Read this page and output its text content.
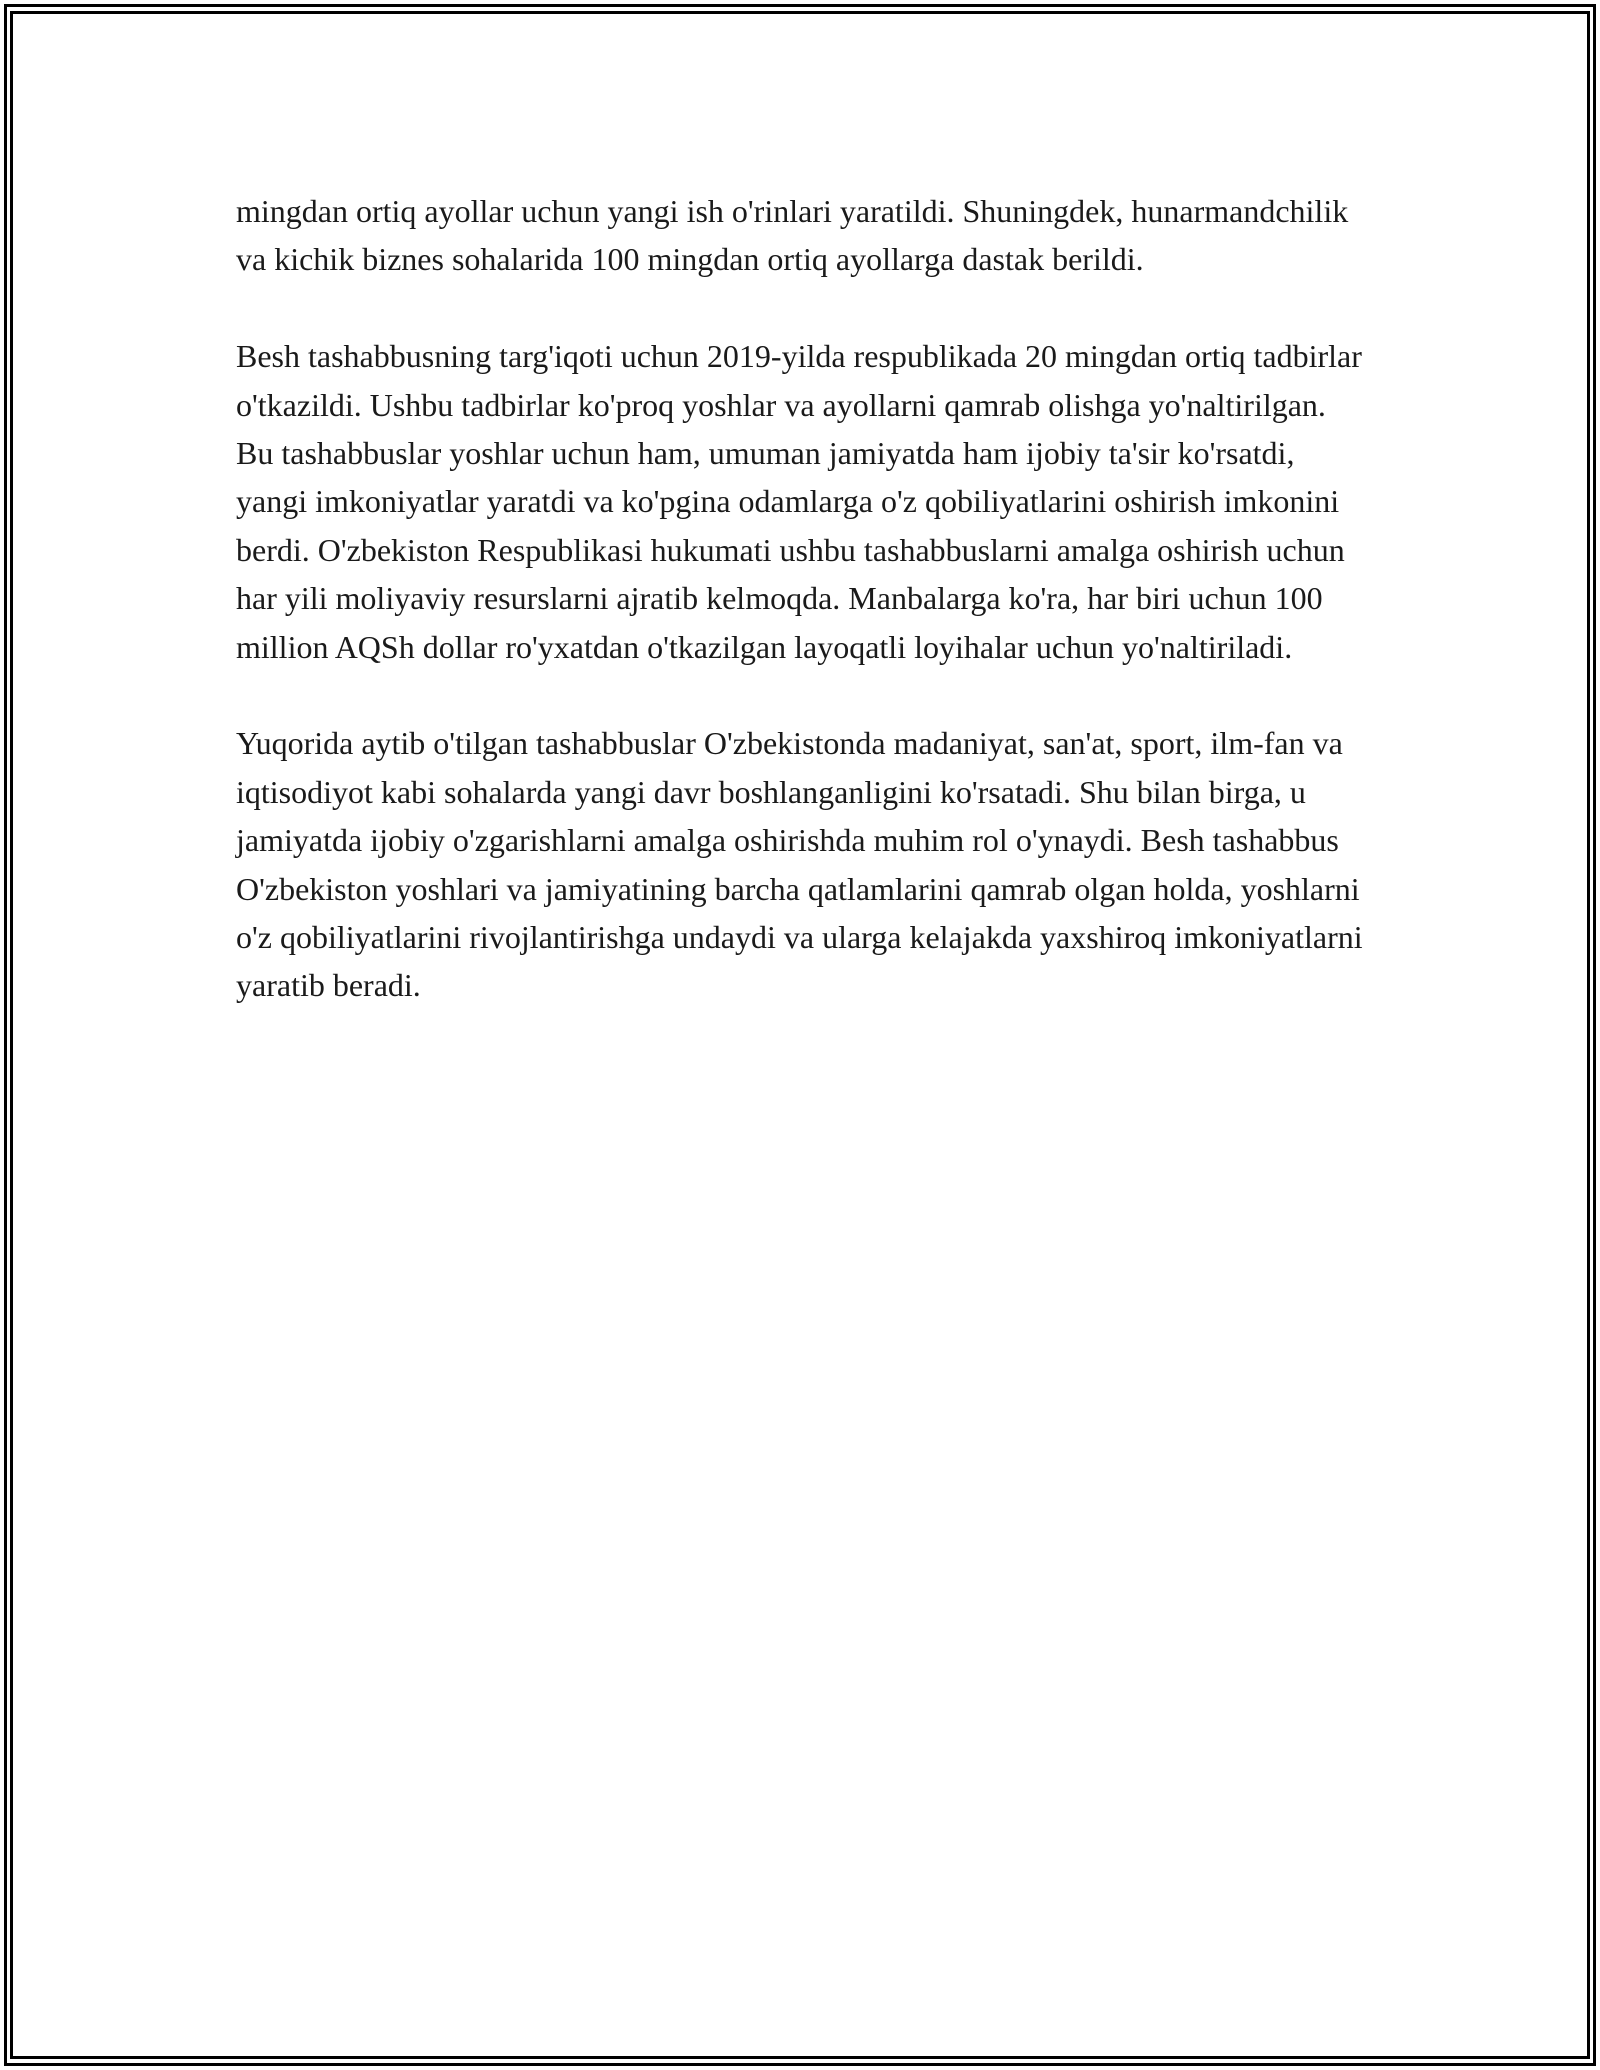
mingdan ortiq ayollar uchun yangi ish o'rinlari yaratildi. Shuningdek, hunarmandchilik va kichik biznes sohalarida 100 mingdan ortiq ayollarga dastak berildi.

Besh tashabbusning targ'iqoti uchun 2019-yilda respublikada 20 mingdan ortiq tadbirlar o'tkazildi. Ushbu tadbirlar ko'proq yoshlar va ayollarni qamrab olishga yo'naltirilgan. Bu tashabbuslar yoshlar uchun ham, umuman jamiyatda ham ijobiy ta'sir ko'rsatdi, yangi imkoniyatlar yaratdi va ko'pgina odamlarga o'z qobiliyatlarini oshirish imkonini berdi. O'zbekiston Respublikasi hukumati ushbu tashabbuslarni amalga oshirish uchun har yili moliyaviy resurslarni ajratib kelmoqda. Manbalarga ko'ra, har biri uchun 100 million AQSh dollar ro'yxatdan o'tkazilgan layoqatli loyihalar uchun yo'naltiriladi.

Yuqorida aytib o'tilgan tashabbuslar O'zbekistonda madaniyat, san'at, sport, ilm-fan va iqtisodiyot kabi sohalarda yangi davr boshlanganligini ko'rsatadi. Shu bilan birga, u jamiyatda ijobiy o'zgarishlarni amalga oshirishda muhim rol o'ynaydi. Besh tashabbus O'zbekiston yoshlari va jamiyatining barcha qatlamlarini qamrab olgan holda, yoshlarni o'z qobiliyatlarini rivojlantirishga undaydi va ularga kelajakda yaxshiroq imkoniyatlarni yaratib beradi.
